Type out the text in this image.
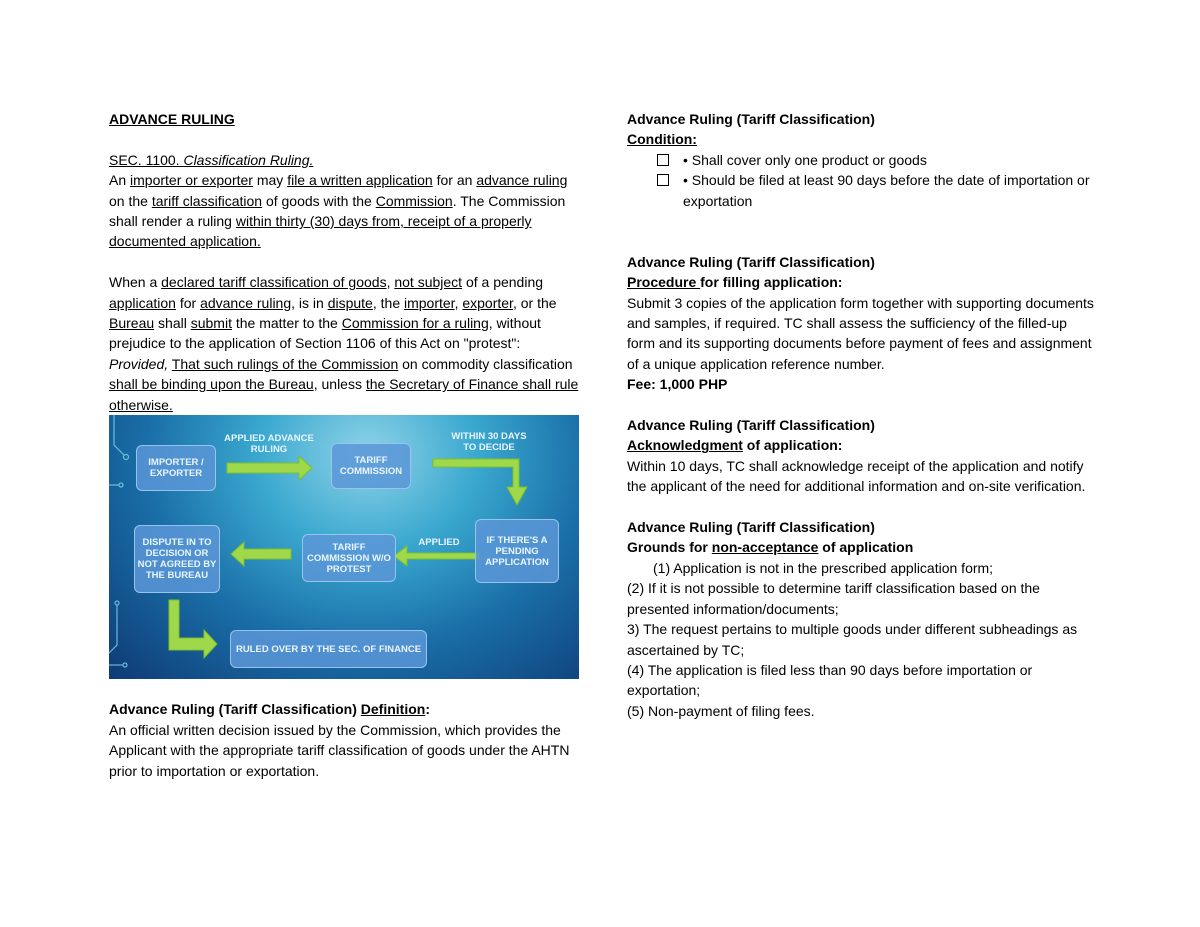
ADVANCE RULING

SEC. 1100. Classification Ruling.

An importer or exporter may file a written application for an advance ruling on the tariff classification of goods with the Commission. The Commission shall render a ruling within thirty (30) days from, receipt of a properly documented application.

When a declared tariff classification of goods, not subject of a pending application for advance ruling, is in dispute, the importer, exporter, or the Bureau shall submit the matter to the Commission for a ruling, without prejudice to the application of Section 1106 of this Act on "protest": Provided, That such rulings of the Commission on commodity classification shall be binding upon the Bureau, unless the Secretary of Finance shall rule otherwise.

IMPORTER / EXPORTER
APPLIED ADVANCE RULING
TARIFF COMMISSION
WITHIN 30 DAYS TO DECIDE
IF THERE'S A PENDING APPLICATION
APPLIED
TARIFF COMMISSION W/O PROTEST
DISPUTE IN TO DECISION OR NOT AGREED BY THE BUREAU
RULED OVER BY THE SEC. OF FINANCE

Advance Ruling (Tariff Classification) Definition:

An official written decision issued by the Commission, which provides the Applicant with the appropriate tariff classification of goods under the AHTN prior to importation or exportation.

Advance Ruling (Tariff Classification)

Condition:

• Shall cover only one product or goods
• Should be filed at least 90 days before the date of importation or exportation

Advance Ruling (Tariff Classification)

Procedure for filling application:

Submit 3 copies of the application form together with supporting documents and samples, if required. TC shall assess the sufficiency of the filled-up form and its supporting documents before payment of fees and assignment of a unique application reference number.

Fee: 1,000 PHP

Advance Ruling (Tariff Classification)

Acknowledgment of application:

Within 10 days, TC shall acknowledge receipt of the application and notify the applicant of the need for additional information and on-site verification.

Advance Ruling (Tariff Classification)

Grounds for non-acceptance of application

(1) Application is not in the prescribed application form;

(2) If it is not possible to determine tariff classification based on the presented information/documents;

3) The request pertains to multiple goods under different subheadings as ascertained by TC;

(4) The application is filed less than 90 days before importation or exportation;

(5) Non-payment of filing fees.
